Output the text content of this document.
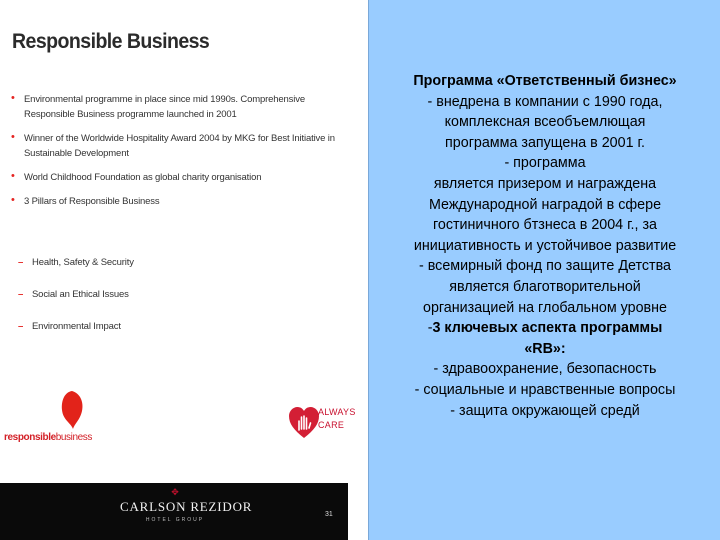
Responsible Business
• Environmental programme in place since mid 1990s. Comprehensive Responsible Business programme launched in 2001
• Winner of the Worldwide Hospitality Award 2004 by MKG for Best Initiative in Sustainable Development
• World Childhood Foundation as global charity organisation
• 3 Pillars of Responsible Business
– Health, Safety & Security
– Social an Ethical Issues
– Environmental Impact
responsiblebusiness
ALWAYS
CARE
✥
CARLSON REZIDOR
HOTEL GROUP
31
Программа «Ответственный бизнес»
- внедрена в компании с 1990 года,
комплексная всеобъемлющая
программа запущена в 2001 г.
- программа
является призером и награждена
Международной наградой в сфере
гостиничного бтзнеса в 2004 г., за
инициативность и устойчивое развитие
- всемирный фонд по защите Детства
является благотворительной
организацией на глобальном уровне
-3 ключевых аспекта программы
«RB»:
- здравоохранение, безопасность
- социальные и нравственные вопросы
- защита окружающей средй
